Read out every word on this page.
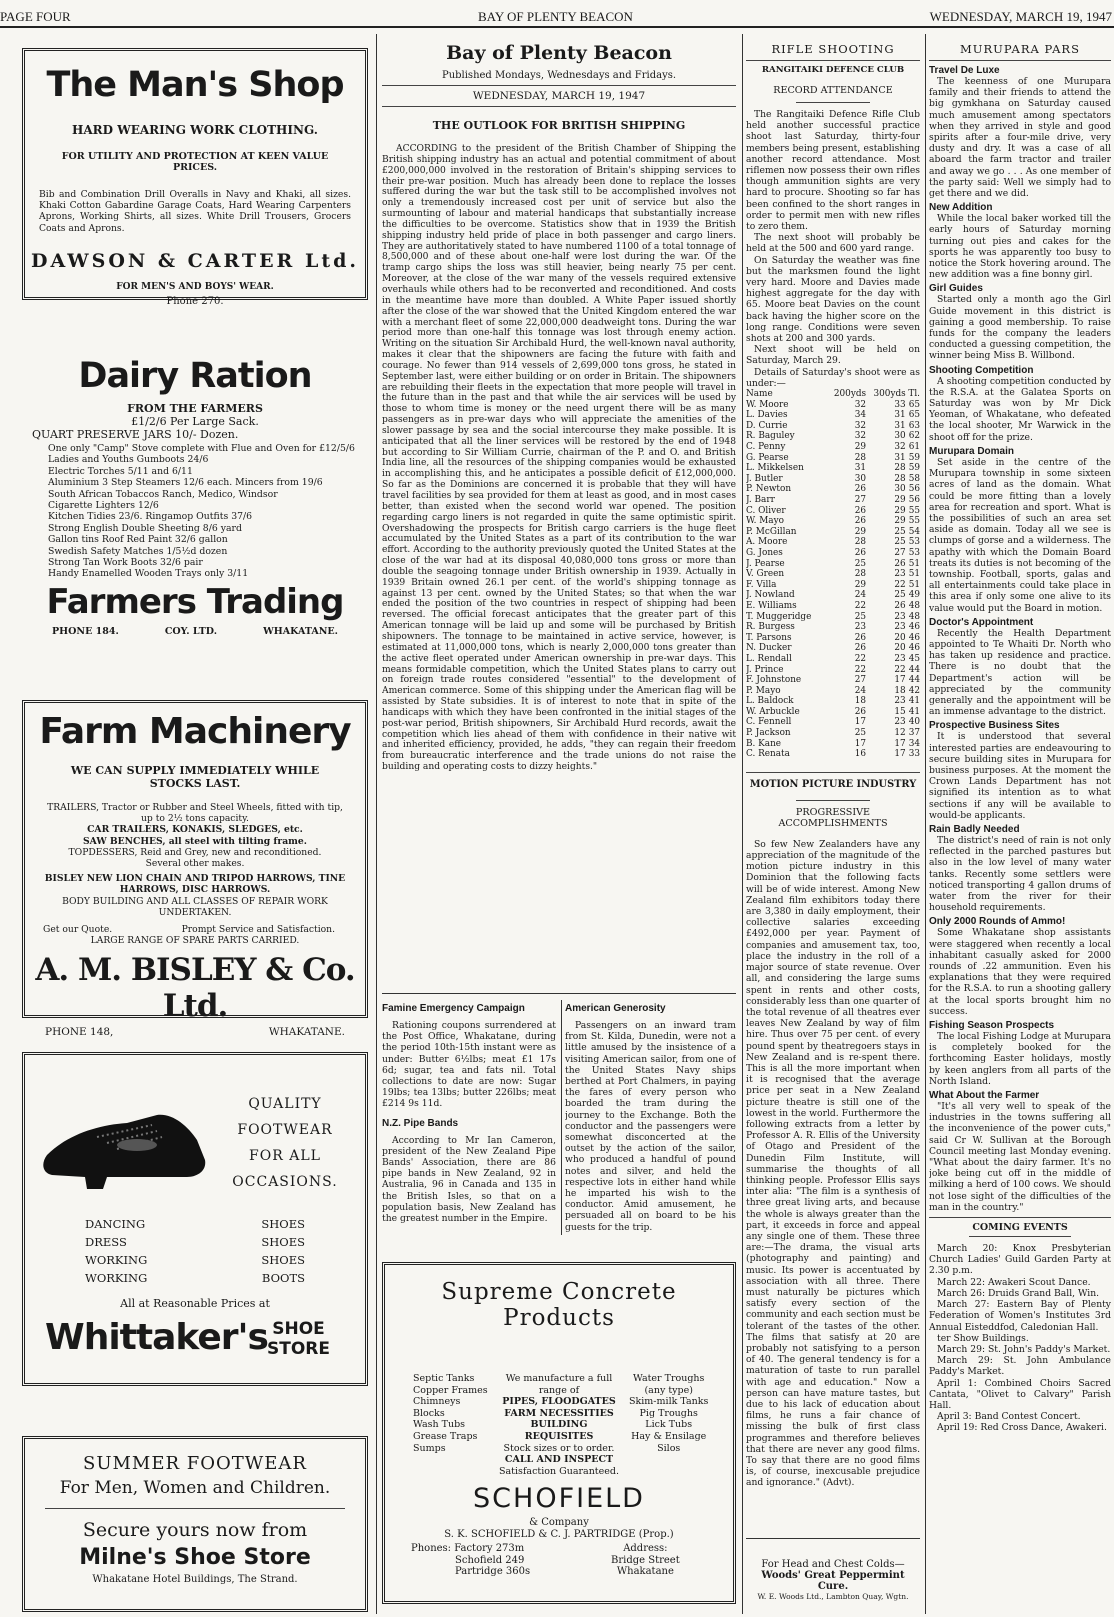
PAGE FOUR	BAY OF PLENTY BEACON	WEDNESDAY, MARCH 19, 1947
The Man's Shop
HARD WEARING WORK CLOTHING.
FOR UTILITY AND PROTECTION AT KEEN VALUE PRICES.

Bib and Combination Drill Overalls in Navy and Khaki, all sizes. Khaki Cotton Gabardine Garage Coats, Hard Wearing Carpenters Aprons, Working Shirts, all sizes. White Drill Trousers, Grocers Coats and Aprons.

DAWSON & CARTER Ltd.
FOR MEN'S AND BOYS' WEAR.
Phone 270.
Dairy Ration
FROM THE FARMERS
£1/2/6 Per Large Sack.
QUART PRESERVE JARS 10/- Dozen.
One only "Camp" Stove complete with Flue and Oven for £12/5/6
Ladies and Youths Gumboots 24/6
Electric Torches 5/11 and 6/11
Aluminium 3 Step Steamers 12/6 each. Mincers from 19/6
South African Tobaccos Ranch, Medico, Windsor
Cigarette Lighters 12/6
Kitchen Tidies 23/6. Ringamop Outfits 37/6
Strong English Double Sheeting 8/6 yard
Gallon tins Roof Red Paint 32/6 gallon
Swedish Safety Matches 1/5½d dozen
Strong Tan Work Boots 32/6 pair
Handy Enamelled Wooden Trays only 3/11
Farmers Trading
PHONE 184.	COY. LTD.	WHAKATANE.
Farm Machinery
WE CAN SUPPLY IMMEDIATELY WHILE STOCKS LAST.
TRAILERS, Tractor or Rubber and Steel Wheels, fitted with tip, up to 2½ tons capacity.
CAR TRAILERS, KONAKIS, SLEDGES, etc.
SAW BENCHES, all steel with tilting frame.
TOPDESSERS, Reid and Grey, new and reconditioned.
Several other makes.
BISLEY NEW LION CHAIN AND TRIPOD HARROWS, TINE HARROWS, DISC HARROWS.
BODY BUILDING AND ALL CLASSES OF REPAIR WORK UNDERTAKEN.
Get our Quote.	Prompt Service and Satisfaction.
LARGE RANGE OF SPARE PARTS CARRIED.
A. M. BISLEY & Co. Ltd.
PHONE 148,	WHAKATANE.
QUALITY
FOOTWEAR
FOR ALL
OCCASIONS.
DANCING	SHOES
DRESS	SHOES
WORKING	SHOES
WORKING	BOOTS
All at Reasonable Prices at
Whittaker's SHOE
STORE
SUMMER FOOTWEAR
For Men, Women and Children.
Secure yours now from
Milne's Shoe Store
Whakatane Hotel Buildings, The Strand.
Bay of Plenty Beacon
Published Mondays, Wednesdays and Fridays.
WEDNESDAY, MARCH 19, 1947
THE OUTLOOK FOR BRITISH SHIPPING

ACCORDING to the president of the British Chamber of Shipping the British shipping industry has an actual and potential commitment of about £200,000,000 involved in the restoration of Britain's shipping services to their pre-war position. Much has already been done to replace the losses suffered during the war but the task still to be accomplished involves not only a tremendously increased cost per unit of service but also the surmounting of labour and material handicaps that substantially increase the difficulties to be overcome. Statistics show that in 1939 the British shipping industry held pride of place in both passenger and cargo liners. They are authoritatively stated to have numbered 1100 of a total tonnage of 8,500,000 and of these about one-half were lost during the war. Of the tramp cargo ships the loss was still heavier, being nearly 75 per cent. Moreover, at the close of the war many of the vessels required extensive overhauls while others had to be reconverted and reconditioned. And costs in the meantime have more than doubled. A White Paper issued shortly after the close of the war showed that the United Kingdom entered the war with a merchant fleet of some 22,000,000 deadweight tons. During the war period more than one-half this tonnage was lost through enemy action. Writing on the situation Sir Archibald Hurd, the well-known naval authority, makes it clear that the shipowners are facing the future with faith and courage. No fewer than 914 vessels of 2,699,000 tons gross, he stated in September last, were either building or on order in Britain. The shipowners are rebuilding their fleets in the expectation that more people will travel in the future than in the past and that while the air services will be used by those to whom time is money or the need urgent there will be as many passengers as in pre-war days who will appreciate the amenities of the slower passage by sea and the social intercourse they make possible. It is anticipated that all the liner services will be restored by the end of 1948 but according to Sir William Currie, chairman of the P. and O. and British India line, all the resources of the shipping companies would be exhausted in accomplishing this, and he anticipates a possible deficit of £12,000,000. So far as the Dominions are concerned it is probable that they will have travel facilities by sea provided for them at least as good, and in most cases better, than existed when the second world war opened. The position regarding cargo liners is not regarded in quite the same optimistic spirit. Overshadowing the prospects for British cargo carriers is the huge fleet accumulated by the United States as a part of its contribution to the war effort. According to the authority previously quoted the United States at the close of the war had at its disposal 40,080,000 tons gross or more than double the seagoing tonnage under British ownership in 1939. Actually in 1939 Britain owned 26.1 per cent. of the world's shipping tonnage as against 13 per cent. owned by the United States; so that when the war ended the position of the two countries in respect of shipping had been reversed. The official forecast anticipates that the greater part of this American tonnage will be laid up and some will be purchased by British shipowners. The tonnage to be maintained in active service, however, is estimated at 11,000,000 tons, which is nearly 2,000,000 tons greater than the active fleet operated under American ownership in pre-war days. This means formidable competition, which the United States plans to carry out on foreign trade routes considered "essential" to the development of American commerce. Some of this shipping under the American flag will be assisted by State subsidies. It is of interest to note that in spite of the handicaps with which they have been confronted in the initial stages of the post-war period, British shipowners, Sir Archibald Hurd records, await the competition which lies ahead of them with confidence in their native wit and inherited efficiency, provided, he adds, "they can regain their freedom from bureaucratic interference and the trade unions do not raise the building and operating costs to dizzy heights."

Famine Emergency Campaign

Rationing coupons surrendered at the Post Office, Whakatane, during the period 10th-15th instant were as under: Butter 6½lbs; meat £1 17s 6d; sugar, tea and fats nil. Total collections to date are now: Sugar 19lbs; tea 13lbs; butter 226lbs; meat £214 9s 11d.

N.Z. Pipe Bands

According to Mr Ian Cameron, president of the New Zealand Pipe Bands' Association, there are 86 pipe bands in New Zealand, 92 in Australia, 96 in Canada and 135 in the British Isles, so that on a population basis, New Zealand has the greatest number in the Empire.

American Generosity

Passengers on an inward tram from St. Kilda, Dunedin, were not a little amused by the insistence of a visiting American sailor, from one of the United States Navy ships berthed at Port Chalmers, in paying the fares of every person who boarded the tram during the journey to the Exchange. Both the conductor and the passengers were somewhat disconcerted at the outset by the action of the sailor, who produced a handful of pound notes and silver, and held the respective lots in either hand while he imparted his wish to the conductor. Amid amusement, he persuaded all on board to be his guests for the trip.

Supreme Concrete
Products
Septic Tanks
Copper Frames
Chimneys
Blocks
Wash Tubs
Grease Traps
Sumps
We manufacture a full range of
PIPES, FLOODGATES
FARM NECESSITIES
BUILDING REQUISITES
Stock sizes or to order.
CALL AND INSPECT
Satisfaction Guaranteed.
Water Troughs
(any type)
Skim-milk Tanks
Pig Troughs
Lick Tubs
Hay & Ensilage
Silos
SCHOFIELD
& Company
S. K. SCHOFIELD & C. J. PARTRIDGE (Prop.)
Phones: Factory 273m
Schofield 249
Partridge 360s
Address:
Bridge Street
Whakatane
RIFLE SHOOTING
RANGITAIKI DEFENCE CLUB
RECORD ATTENDANCE

The Rangitaiki Defence Rifle Club held another successful practice shoot last Saturday, thirty-four members being present, establishing another record attendance. Most riflemen now possess their own rifles though ammunition sights are very hard to procure. Shooting so far has been confined to the short ranges in order to permit men with new rifles to zero them.

The next shoot will probably be held at the 500 and 600 yard range.

On Saturday the weather was fine but the marksmen found the light very hard. Moore and Davies made highest aggregate for the day with 65. Moore beat Davies on the count back having the higher score on the long range. Conditions were seven shots at 200 and 300 yards.

Next shoot will be held on Saturday, March 29.

Details of Saturday's shoot were as under:—

Name	200yds	300yds	Tl.
W. Moore	32	33	65
L. Davies	34	31	65
D. Currie	32	31	63
R. Baguley	32	30	62
C. Penny	29	32	61
G. Pearse	28	31	59
L. Mikkelsen	31	28	59
J. Butler	30	28	58
P. Newton	26	30	56
J. Barr	27	29	56
C. Oliver	26	29	55
W. Mayo	26	29	55
P. McGillan	29	25	54
A. Moore	28	25	53
G. Jones	26	27	53
J. Pearse	25	26	51
V. Green	28	23	51
F. Villa	29	22	51
J. Nowland	24	25	49
E. Williams	22	26	48
T. Muggeridge	25	23	48
R. Burgess	23	23	46
T. Parsons	26	20	46
N. Ducker	26	20	46
L. Rendall	22	23	45
J. Prince	22	22	44
F. Johnstone	27	17	44
P. Mayo	24	18	42
L. Baldock	18	23	41
W. Arbuckle	26	15	41
C. Fennell	17	23	40
P. Jackson	25	12	37
B. Kane	17	17	34
C. Renata	16	17	33
MOTION PICTURE INDUSTRY
PROGRESSIVE ACCOMPLISHMENTS

So few New Zealanders have any appreciation of the magnitude of the motion picture industry in this Dominion that the following facts will be of wide interest. Among New Zealand film exhibitors today there are 3,380 in daily employment, their collective salaries exceeding £492,000 per year. Payment of companies and amusement tax, too, place the industry in the roll of a major source of state revenue. Over all, and considering the large sums spent in rents and other costs, considerably less than one quarter of the total revenue of all theatres ever leaves New Zealand by way of film hire. Thus over 75 per cent. of every pound spent by theatregoers stays in New Zealand and is re-spent there. This is all the more important when it is recognised that the average price per seat in a New Zealand picture theatre is still one of the lowest in the world. Furthermore the following extracts from a letter by Professor A. R. Ellis of the University of Otago and President of the Dunedin Film Institute, will summarise the thoughts of all thinking people. Professor Ellis says inter alia: "The film is a synthesis of three great living arts, and because the whole is always greater than the part, it exceeds in force and appeal any single one of them. These three are:—The drama, the visual arts (photography and painting) and music. Its power is accentuated by association with all three. There must naturally be pictures which satisfy every section of the community and each section must be tolerant of the tastes of the other. The films that satisfy at 20 are probably not satisfying to a person of 40. The general tendency is for a maturation of taste to run parallel with age and education." Now a person can have mature tastes, but due to his lack of education about films, he runs a fair chance of missing the bulk of first class programmes and therefore believes that there are never any good films. To say that there are no good films is, of course, inexcusable prejudice and ignorance." (Advt).

For Head and Chest Colds—
Woods' Great Peppermint Cure.
W. E. Woods Ltd., Lambton Quay, Wgtn.
MURUPARA PARS
Travel De Luxe

The keenness of one Murupara family and their friends to attend the big gymkhana on Saturday caused much amusement among spectators when they arrived in style and good spirits after a four-mile drive, very dusty and dry. It was a case of all aboard the farm tractor and trailer and away we go . . . As one member of the party said: Well we simply had to get there and we did.

New Addition

While the local baker worked till the early hours of Saturday morning turning out pies and cakes for the sports he was apparently too busy to notice the Stork hovering around. The new addition was a fine bonny girl.

Girl Guides

Started only a month ago the Girl Guide movement in this district is gaining a good membership. To raise funds for the company the leaders conducted a guessing competition, the winner being Miss B. Willbond.

Shooting Competition

A shooting competition conducted by the R.S.A. at the Galatea Sports on Saturday was won by Mr Dick Yeoman, of Whakatane, who defeated the local shooter, Mr Warwick in the shoot off for the prize.

Murupara Domain

Set aside in the centre of the Murupara township in some sixteen acres of land as the domain. What could be more fitting than a lovely area for recreation and sport. What is the possibilities of such an area set aside as domain. Today all we see is clumps of gorse and a wilderness. The apathy with which the Domain Board treats its duties is not becoming of the township. Football, sports, galas and all entertainments could take place in this area if only some one alive to its value would put the Board in motion.

Doctor's Appointment

Recently the Health Department appointed to Te Whaiti Dr. North who has taken up residence and practice. There is no doubt that the Department's action will be appreciated by the community generally and the appointment will be an immense advantage to the district.

Prospective Business Sites

It is understood that several interested parties are endeavouring to secure building sites in Murupara for business purposes. At the moment the Crown Lands Department has not signified its intention as to what sections if any will be available to would-be applicants.

Rain Badly Needed

The district's need of rain is not only reflected in the parched pastures but also in the low level of many water tanks. Recently some settlers were noticed transporting 4 gallon drums of water from the river for their household requirements.

Only 2000 Rounds of Ammo!

Some Whakatane shop assistants were staggered when recently a local inhabitant casually asked for 2000 rounds of .22 ammunition. Even his explanations that they were required for the R.S.A. to run a shooting gallery at the local sports brought him no success.

Fishing Season Prospects

The local Fishing Lodge at Murupara is completely booked for the forthcoming Easter holidays, mostly by keen anglers from all parts of the North Island.

What About the Farmer

"It's all very well to speak of the industries in the towns suffering all the inconvenience of the power cuts," said Cr W. Sullivan at the Borough Council meeting last Monday evening. "What about the dairy farmer. It's no joke being cut off in the middle of milking a herd of 100 cows. We should not lose sight of the difficulties of the man in the country."

COMING EVENTS

March 20: Knox Presbyterian Church Ladies' Guild Garden Party at 2.30 p.m.

March 22: Awakeri Scout Dance.

March 26: Druids Grand Ball, Win.

March 27: Eastern Bay of Plenty Federation of Women's Institutes 3rd Annual Eisteddfod, Caledonian Hall.

ter Show Buildings.

March 29: St. John's Paddy's Market.

March 29: St. John Ambulance Paddy's Market.

April 1: Combined Choirs Sacred Cantata, "Olivet to Calvary" Parish Hall.

April 3: Band Contest Concert.

April 19: Red Cross Dance, Awakeri.
